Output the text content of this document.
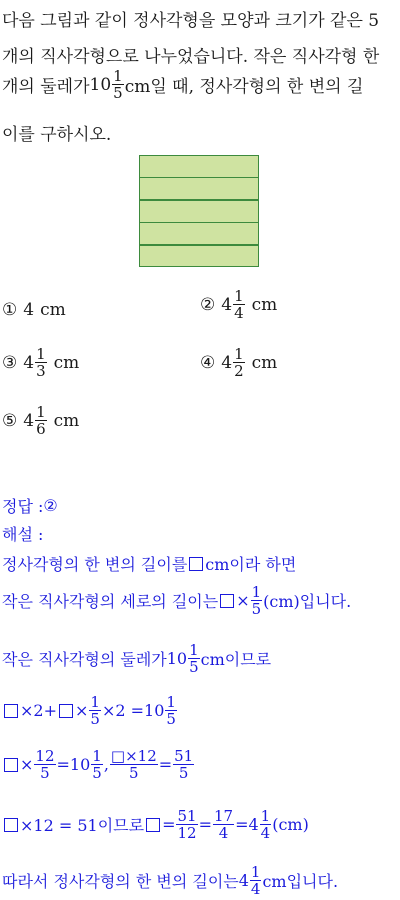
다음 그림과 같이 정사각형을 모양과 크기가 같은 5
개의 직사각형으로 나누었습니다. 작은 직사각형 한
개의 둘레가 $10 \frac{1}{5}$ cm일 때, 정사각형의 한 변의 길
이를 구하시오.
① 4 cm	② $4 \frac{1}{4}$ cm
③ $4 \frac{1}{3}$ cm	④ $4 \frac{1}{2}$ cm
⑤ $4 \frac{1}{6}$ cm
정답 : ②
해설 :
정사각형의 한 변의 길이를 cm이라 하면
작은 직사각형의 세로의 길이는 × $\frac{1}{5} (cm)$입니다.
작은 직사각형의 둘레가 $10 \frac{1}{5}$ cm이므로
$\times 2+ \times \frac{1}{5} \times 2 = 10 \frac{1}{5}$
× $\frac{12}{5} = 10 \frac{1}{5}$ , $\frac{□\times 12}{5} = \frac{51}{5}$
×12 = 51이므로 = $\frac{51}{12} = \frac{17}{4} = 4 \frac{1}{4} (cm)$
따라서 정사각형의 한 변의 길이는 $4 \frac{1}{4}$ cm입니다.
